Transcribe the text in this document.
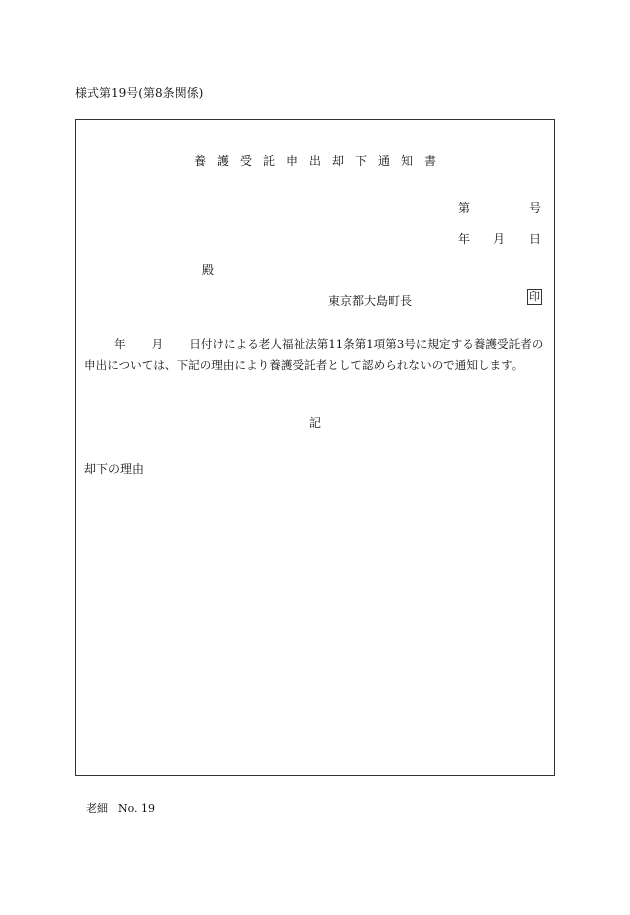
様式第19号(第8条関係)
養護受託申出却下通知書
第	号
年 月 日
殿
東京都大島町長	印
年 月 日付けによる老人福祉法第11条第1項第3号に規定する養護受託者の申出については、下記の理由により養護受託者として認められないので通知します。
記
却下の理由
老細 No. 19
